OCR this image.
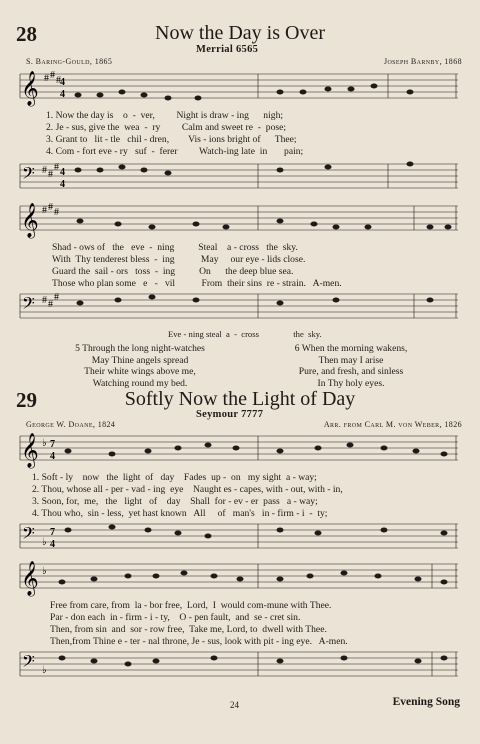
28	Now the Day is Over
Merrial 6565
S. Baring-Gould, 1865	Joseph Barnby, 1868
𝄞 # # # 4
4
1. Now the day is    o  -  ver,         Night is draw - ing      nigh;
2. Je - sus, give the  wea  -  ry         Calm and sweet re  -  pose;
3. Grant to   lit - tle   chil - dren,        Vis - ions bright of      Thee;
4. Com - fort eve - ry   suf  -  ferer         Watch-ing late  in       pain;
𝄢 # #
# 4
4
𝄞 # # #
Shad - ows of   the   eve  -  ning          Steal    a - cross   the  sky.
With  Thy tenderest bless  -  ing           May     our eye - lids close.
Guard the  sail - ors   toss  -  ing          On      the deep blue sea.
Those who plan some   e   -   vil           From  their sins  re - strain.   A-men.
𝄢 # #
#
Eve - ning steal  a  -  cross                the  sky.
5 Through the long night-watches
May Thine angels spread
Their white wings above me,
Watching round my bed.
6 When the morning wakens,
Then may I arise
Pure, and fresh, and sinless
In Thy holy eyes.
29	Softly Now the Light of Day
Seymour 7777
George W. Doane, 1824	Arr. from Carl M. von Weber, 1826
𝄞 ♭ 7
4
1. Soft - ly    now   the  light  of   day    Fades  up -  on   my sight  a - way;
2. Thou, whose all - per - vad - ing  eye    Naught es - capes, with - out, with - in,
3. Soon, for,  me,   the   light   of    day    Shall  for - ev - er  pass   a - way;
4. Thou who,  sin - less,  yet hast known   All     of   man's   in - firm - i  -  ty;
𝄢 ♭
7
4
𝄞 ♭
Free from care, from  la - bor free,  Lord,  I  would com-mune with Thee.
Par - don each  in - firm - i - ty,    O - pen fault,  and  se - cret sin.
Then, from sin  and  sor - row free,  Take me, Lord, to  dwell with Thee.
Then,from Thine e - ter - nal throne, Je - sus, look with pit - ing eye.   A-men.
𝄢 ♭
24	Evening Song
